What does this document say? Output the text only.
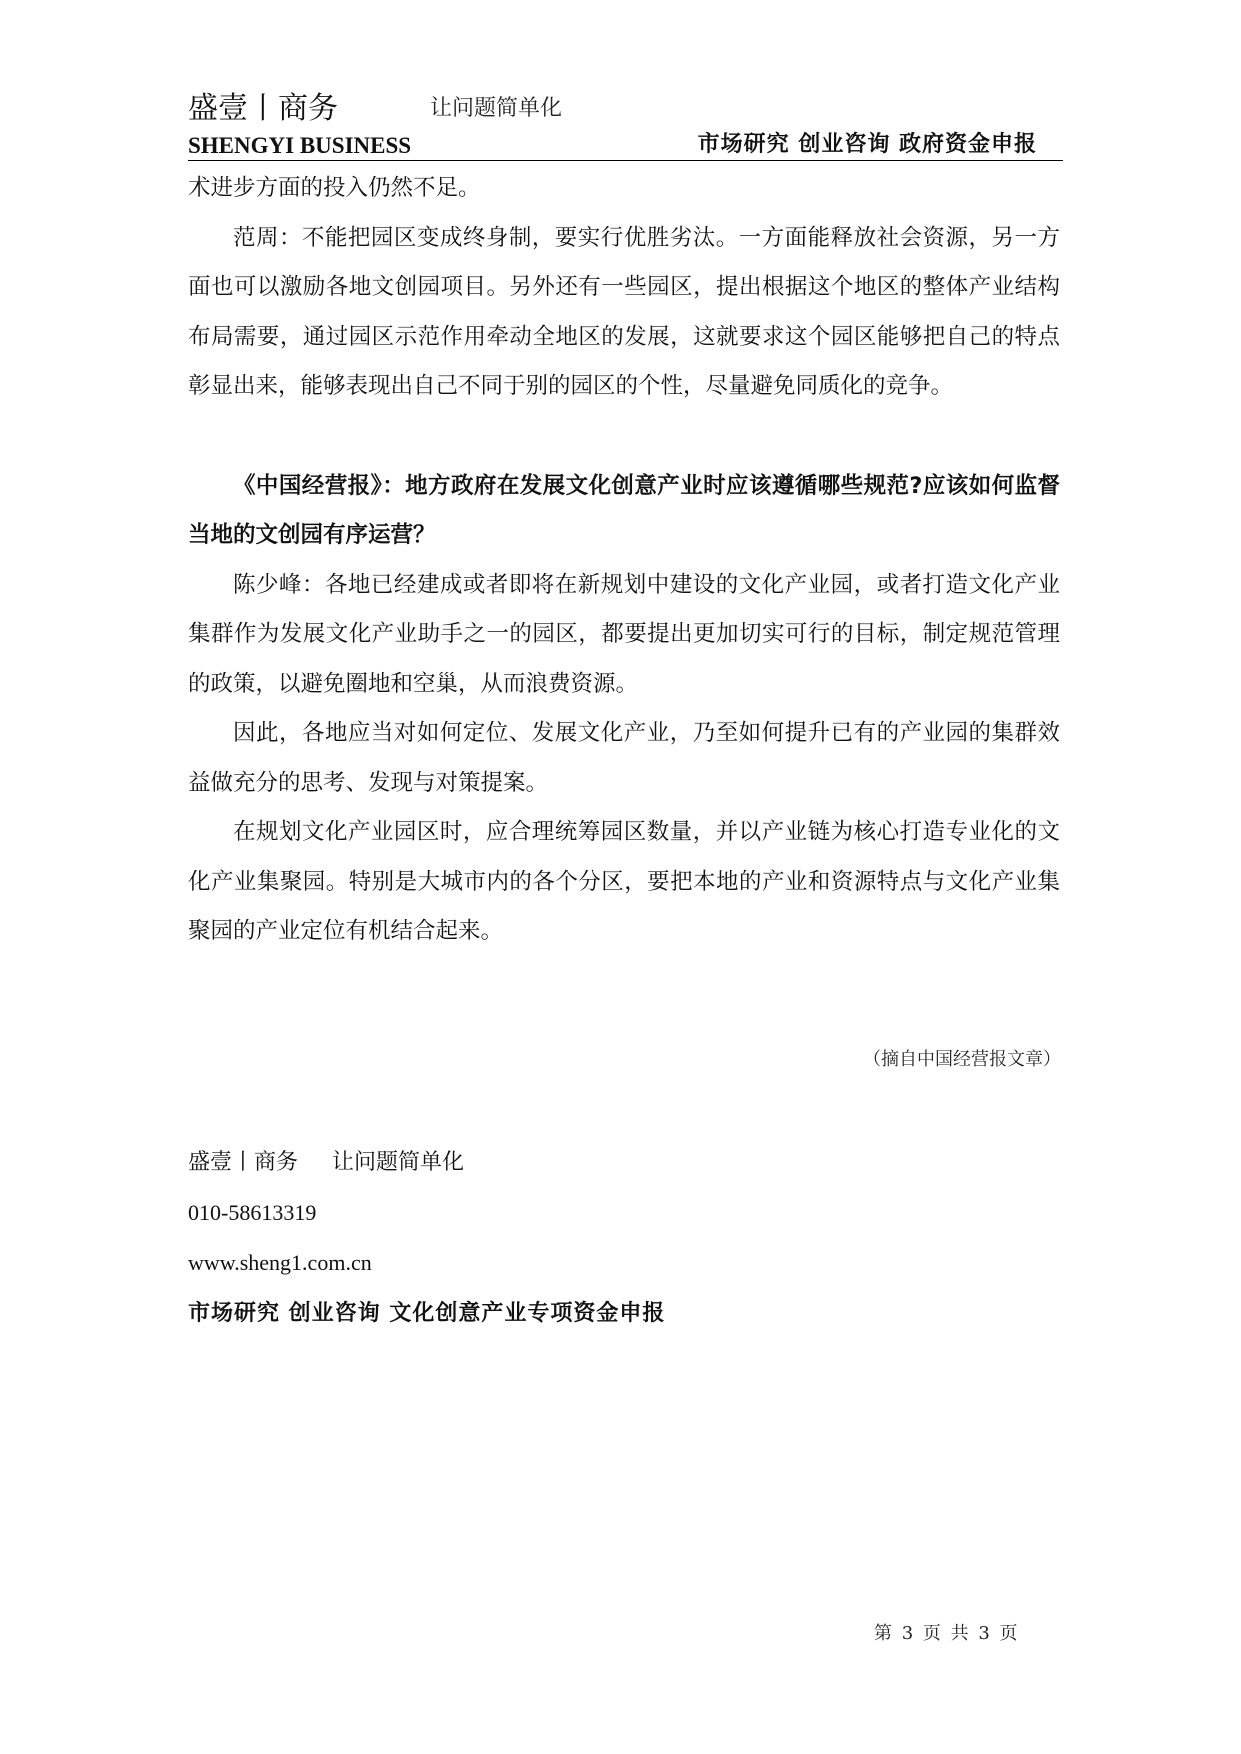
盛壹丨商务	让问题简单化
SHENGYI BUSINESS	市场研究 创业咨询 政府资金申报

术进步方面的投入仍然不足。

范周：不能把园区变成终身制，要实行优胜劣汰。一方面能释放社会资源，另一方面也可以激励各地文创园项目。另外还有一些园区，提出根据这个地区的整体产业结构布局需要，通过园区示范作用牵动全地区的发展，这就要求这个园区能够把自己的特点彰显出来，能够表现出自己不同于别的园区的个性，尽量避免同质化的竞争。

《中国经营报》：地方政府在发展文化创意产业时应该遵循哪些规范?应该如何监督当地的文创园有序运营？

陈少峰：各地已经建成或者即将在新规划中建设的文化产业园，或者打造文化产业集群作为发展文化产业助手之一的园区，都要提出更加切实可行的目标，制定规范管理的政策，以避免圈地和空巢，从而浪费资源。

因此，各地应当对如何定位、发展文化产业，乃至如何提升已有的产业园的集群效益做充分的思考、发现与对策提案。

在规划文化产业园区时，应合理统筹园区数量，并以产业链为核心打造专业化的文化产业集聚园。特别是大城市内的各个分区，要把本地的产业和资源特点与文化产业集聚园的产业定位有机结合起来。

（摘自中国经营报文章）
盛壹丨商务 让问题简单化
010-58613319
www.sheng1.com.cn
市场研究 创业咨询 文化创意产业专项资金申报
第 3 页 共 3 页
